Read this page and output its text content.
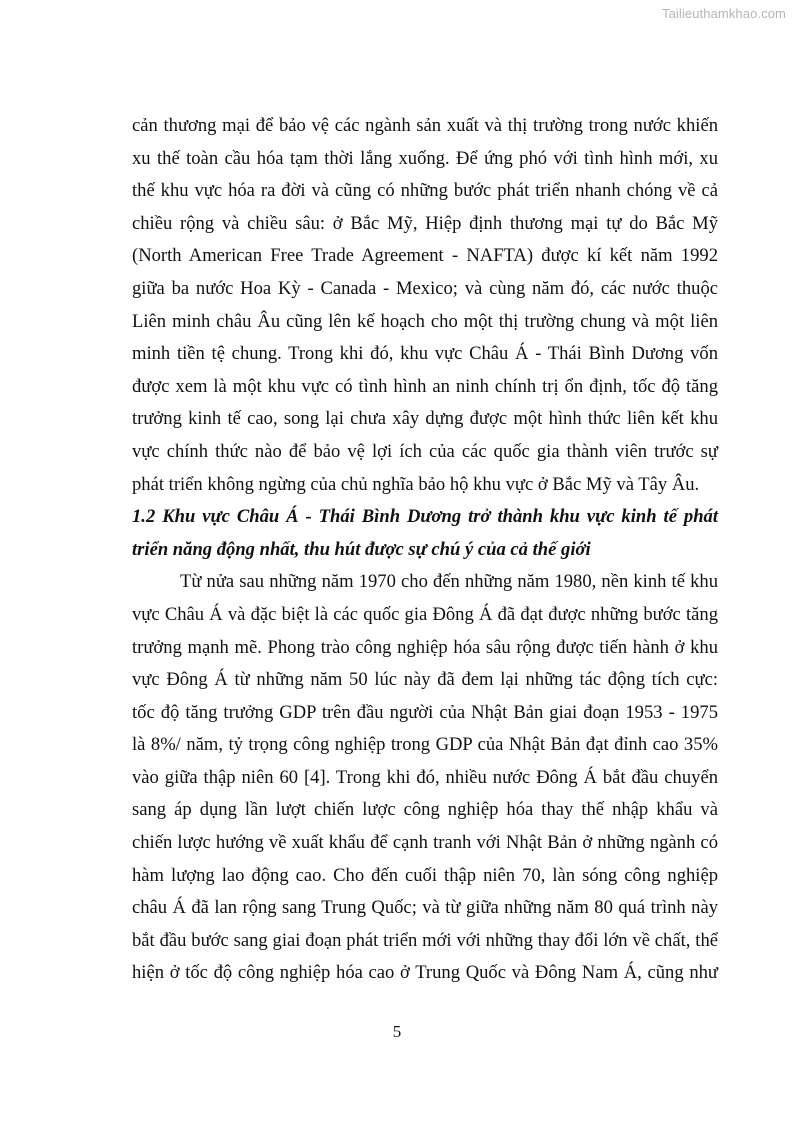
Tailieuthamkhao.com
cản thương mại để bảo vệ các ngành sản xuất và thị trường trong nước khiến
xu thế toàn cầu hóa tạm thời lắng xuống. Để ứng phó với tình hình mới, xu
thế khu vực hóa ra đời và cũng có những bước phát triển nhanh chóng về cả
chiều rộng và chiều sâu: ở Bắc Mỹ, Hiệp định thương mại tự do Bắc Mỹ
(North American Free Trade Agreement - NAFTA) được kí kết năm 1992
giữa ba nước Hoa Kỳ - Canada - Mexico; và cùng năm đó, các nước thuộc
Liên minh châu Âu cũng lên kế hoạch cho một thị trường chung và một liên
minh tiền tệ chung. Trong khi đó, khu vực Châu Á - Thái Bình Dương vốn
được xem là một khu vực có tình hình an ninh chính trị ổn định, tốc độ tăng
trưởng kinh tế cao, song lại chưa xây dựng được một hình thức liên kết khu
vực chính thức nào để bảo vệ lợi ích của các quốc gia thành viên trước sự
phát triển không ngừng của chủ nghĩa bảo hộ khu vực ở Bắc Mỹ và Tây Âu.
1.2 Khu vực Châu Á - Thái Bình Dương trở thành khu vực kinh tế phát
triển năng động nhất, thu hút được sự chú ý của cả thế giới
Từ nửa sau những năm 1970 cho đến những năm 1980, nền kinh tế khu
vực Châu Á và đặc biệt là các quốc gia Đông Á đã đạt được những bước tăng
trưởng mạnh mẽ. Phong trào công nghiệp hóa sâu rộng được tiến hành ở khu
vực Đông Á từ những năm 50 lúc này đã đem lại những tác động tích cực:
tốc độ tăng trưởng GDP trên đầu người của Nhật Bản giai đoạn 1953 - 1975
là 8%/ năm, tỷ trọng công nghiệp trong GDP của Nhật Bản đạt đỉnh cao 35%
vào giữa thập niên 60 [4]. Trong khi đó, nhiều nước Đông Á bắt đầu chuyển
sang áp dụng lần lượt chiến lược công nghiệp hóa thay thế nhập khẩu và
chiến lược hướng về xuất khẩu để cạnh tranh với Nhật Bản ở những ngành có
hàm lượng lao động cao. Cho đến cuối thập niên 70, làn sóng công nghiệp
châu Á đã lan rộng sang Trung Quốc; và từ giữa những năm 80 quá trình này
bắt đầu bước sang giai đoạn phát triển mới với những thay đổi lớn về chất, thể
hiện ở tốc độ công nghiệp hóa cao ở Trung Quốc và Đông Nam Á, cũng như
5
